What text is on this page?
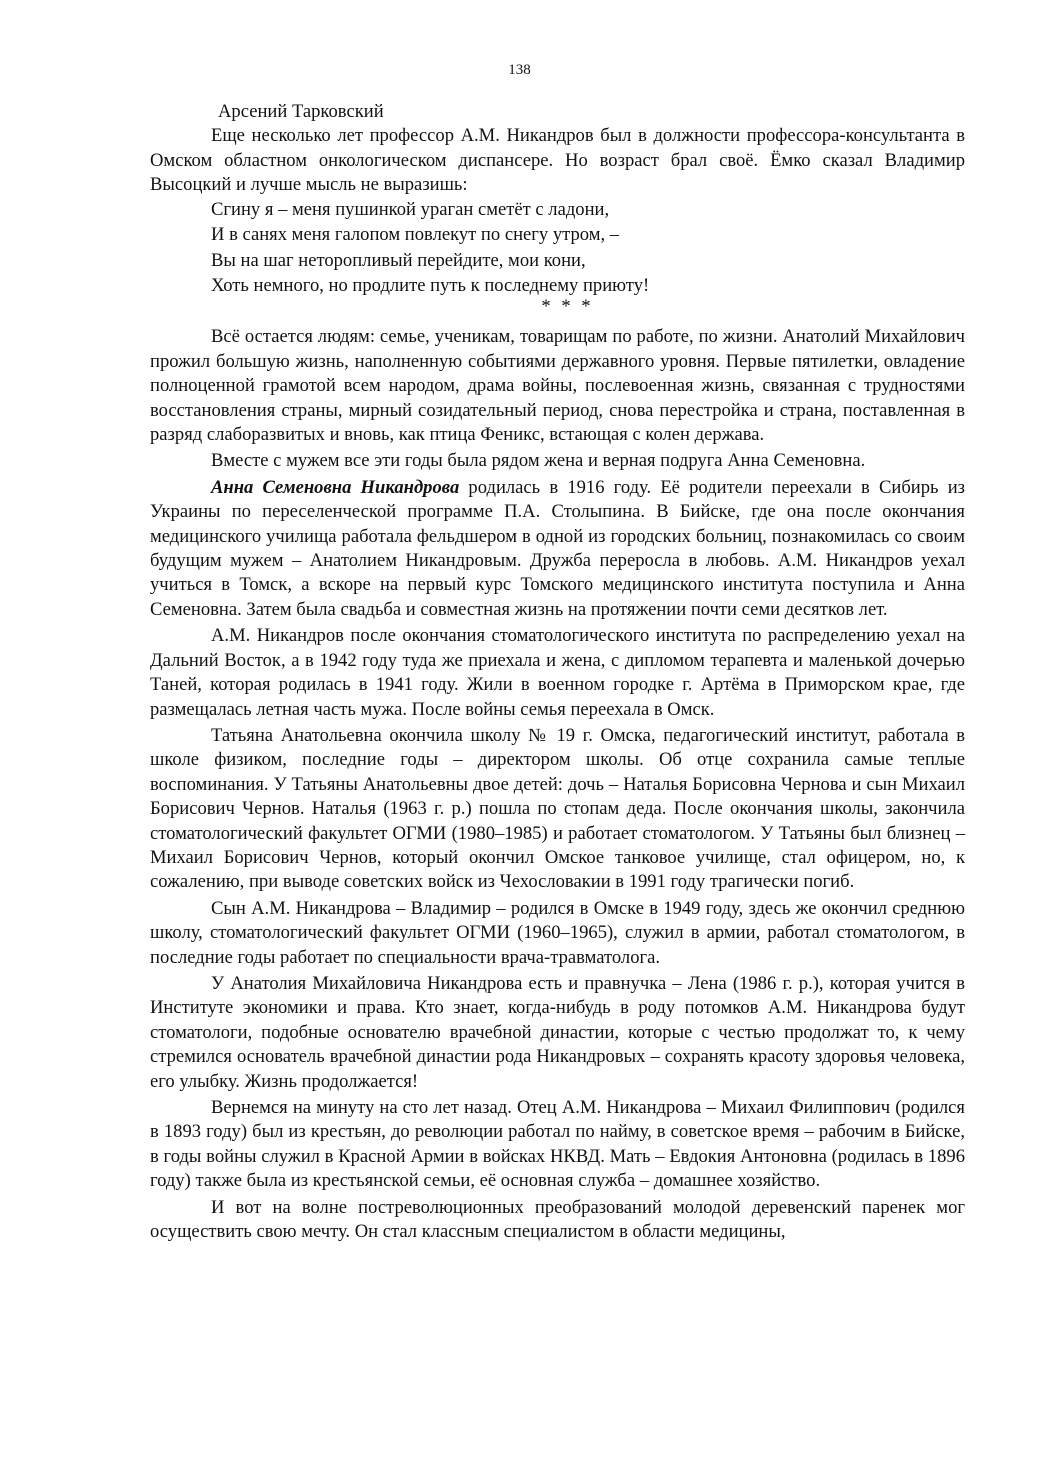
138

Арсений Тарковский

Еще несколько лет профессор А.М. Никандров был в должности профессора-консультанта в Омском областном онкологическом диспансере. Но возраст брал своё. Ёмко сказал Владимир Высоцкий и лучше мысль не выразишь:

Сгину я – меня пушинкой ураган сметёт с ладони,
И в санях меня галопом повлекут по снегу утром, –
Вы на шаг неторопливый перейдите, мои кони,
Хоть немного, но продлите путь к последнему приюту!
* * *

Всё остается людям: семье, ученикам, товарищам по работе, по жизни. Анатолий Михайлович прожил большую жизнь, наполненную событиями державного уровня. Первые пятилетки, овладение полноценной грамотой всем народом, драма войны, послевоенная жизнь, связанная с трудностями восстановления страны, мирный созидательный период, снова перестройка и страна, поставленная в разряд слаборазвитых и вновь, как птица Феникс, встающая с колен держава.

Вместе с мужем все эти годы была рядом жена и верная подруга Анна Семеновна.

Анна Семеновна Никандрова родилась в 1916 году. Её родители переехали в Сибирь из Украины по переселенческой программе П.А. Столыпина. В Бийске, где она после окончания медицинского училища работала фельдшером в одной из городских больниц, познакомилась со своим будущим мужем – Анатолием Никандровым. Дружба переросла в любовь. А.М. Никандров уехал учиться в Томск, а вскоре на первый курс Томского медицинского института поступила и Анна Семеновна. Затем была свадьба и совместная жизнь на протяжении почти семи десятков лет.

А.М. Никандров после окончания стоматологического института по распределению уехал на Дальний Восток, а в 1942 году туда же приехала и жена, с дипломом терапевта и маленькой дочерью Таней, которая родилась в 1941 году. Жили в военном городке г. Артёма в Приморском крае, где размещалась летная часть мужа. После войны семья переехала в Омск.

Татьяна Анатольевна окончила школу № 19 г. Омска, педагогический институт, работала в школе физиком, последние годы – директором школы. Об отце сохранила самые теплые воспоминания. У Татьяны Анатольевны двое детей: дочь – Наталья Борисовна Чернова и сын Михаил Борисович Чернов. Наталья (1963 г. р.) пошла по стопам деда. После окончания школы, закончила стоматологический факультет ОГМИ (1980–1985) и работает стоматологом. У Татьяны был близнец – Михаил Борисович Чернов, который окончил Омское танковое училище, стал офицером, но, к сожалению, при выводе советских войск из Чехословакии в 1991 году трагически погиб.

Сын А.М. Никандрова – Владимир – родился в Омске в 1949 году, здесь же окончил среднюю школу, стоматологический факультет ОГМИ (1960–1965), служил в армии, работал стоматологом, в последние годы работает по специальности врача-травматолога.

У Анатолия Михайловича Никандрова есть и правнучка – Лена (1986 г. р.), которая учится в Институте экономики и права. Кто знает, когда-нибудь в роду потомков А.М. Никандрова будут стоматологи, подобные основателю врачебной династии, которые с честью продолжат то, к чему стремился основатель врачебной династии рода Никандровых – сохранять красоту здоровья человека, его улыбку. Жизнь продолжается!

Вернемся на минуту на сто лет назад. Отец А.М. Никандрова – Михаил Филиппович (родился в 1893 году) был из крестьян, до революции работал по найму, в советское время – рабочим в Бийске, в годы войны служил в Красной Армии в войсках НКВД. Мать – Евдокия Антоновна (родилась в 1896 году) также была из крестьянской семьи, её основная служба – домашнее хозяйство.

И вот на волне постреволюционных преобразований молодой деревенский паренек мог осуществить свою мечту. Он стал классным специалистом в области медицины,
